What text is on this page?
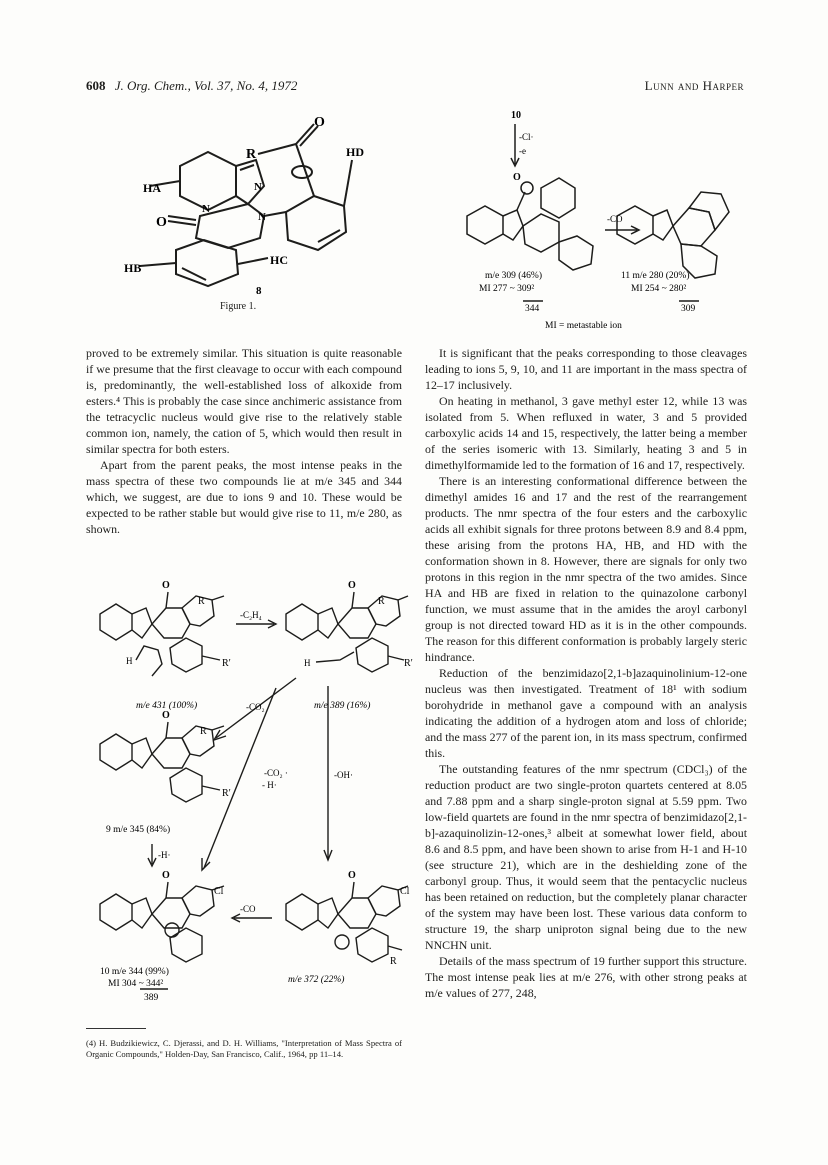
608 J. Org. Chem., Vol. 37, No. 4, 1972	Lunn and Harper
HA
HB
HC
HD
R
O
O
N
N
N
8
Figure 1.
10
-Cl·
-e
-CO
O
m/e 309 (46%)
MI 277 ~ 309²
344
11 m/e 280 (20%)
MI 254 ~ 280²
309
MI = metastable ion

proved to be extremely similar. This situation is quite reasonable if we presume that the first cleavage to occur with each compound is, predominantly, the well-established loss of alkoxide from esters.⁴ This is probably the case since anchimeric assistance from the tetracyclic nucleus would give rise to the relatively stable common ion, namely, the cation of 5, which would then result in similar spectra for both esters.

Apart from the parent peaks, the most intense peaks in the mass spectra of these two compounds lie at m/e 345 and 344 which, we suggest, are due to ions 9 and 10. These would be expected to be rather stable but would give rise to 11, m/e 280, as shown.

O
R
R′
H
-C₂H₄
O
R
R′
H
m/e 431 (100%)	m/e 389 (16%)
-CO₂
-CO₂ ·
- H·
-OH·
O
R
R′
9 m/e 345 (84%)
-H·
O
Cl
-CO
O
Cl
R
10 m/e 344 (99%)
MI 304 ~ 344²
389
m/e 372 (22%)

It is significant that the peaks corresponding to those cleavages leading to ions 5, 9, 10, and 11 are important in the mass spectra of 12–17 inclusively.

On heating in methanol, 3 gave methyl ester 12, while 13 was isolated from 5. When refluxed in water, 3 and 5 provided carboxylic acids 14 and 15, respectively, the latter being a member of the series isomeric with 13. Similarly, heating 3 and 5 in dimethylformamide led to the formation of 16 and 17, respectively.

There is an interesting conformational difference between the dimethyl amides 16 and 17 and the rest of the rearrangement products. The nmr spectra of the four esters and the carboxylic acids all exhibit signals for three protons between 8.9 and 8.4 ppm, these arising from the protons HA, HB, and HD with the conformation shown in 8. However, there are signals for only two protons in this region in the nmr spectra of the two amides. Since HA and HB are fixed in relation to the quinazolone carbonyl function, we must assume that in the amides the aroyl carbonyl group is not directed toward HD as it is in the other compounds. The reason for this different conformation is probably largely steric hindrance.

Reduction of the benzimidazo[2,1-b]azaquinolinium-12-one nucleus was then investigated. Treatment of 18¹ with sodium borohydride in methanol gave a compound with an analysis indicating the addition of a hydrogen atom and loss of chloride; and the mass 277 of the parent ion, in its mass spectrum, confirmed this.

The outstanding features of the nmr spectrum (CDCl₃) of the reduction product are two single-proton quartets centered at 8.05 and 7.88 ppm and a sharp single-proton signal at 5.59 ppm. Two low-field quartets are found in the nmr spectra of benzimidazo[2,1-b]-azaquinolizin-12-ones,³ albeit at somewhat lower field, about 8.6 and 8.5 ppm, and have been shown to arise from H-1 and H-10 (see structure 21), which are in the deshielding zone of the carbonyl group. Thus, it would seem that the pentacyclic nucleus has been retained on reduction, but the completely planar character of the system may have been lost. These various data conform to structure 19, the sharp uniproton signal being due to the new NNCHN unit.

Details of the mass spectrum of 19 further support this structure. The most intense peak lies at m/e 276, with other strong peaks at m/e values of 277, 248,

(4) H. Budzikiewicz, C. Djerassi, and D. H. Williams, "Interpretation of Mass Spectra of Organic Compounds," Holden-Day, San Francisco, Calif., 1964, pp 11–14.
